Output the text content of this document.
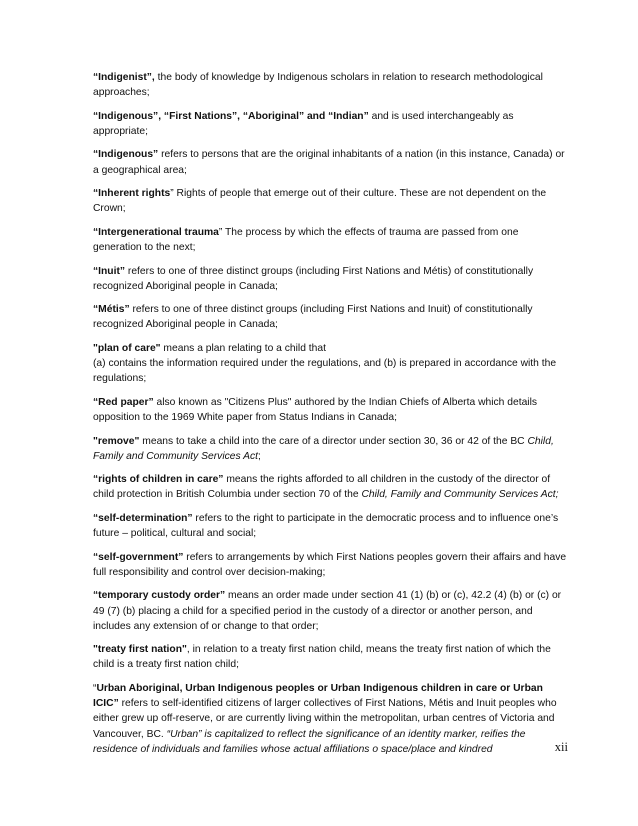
“Indigenist”, the body of knowledge by Indigenous scholars in relation to research methodological approaches;

“Indigenous”, “First Nations”, “Aboriginal” and “Indian” and is used interchangeably as appropriate;

“Indigenous” refers to persons that are the original inhabitants of a nation (in this instance, Canada) or a geographical area;

“Inherent rights” Rights of people that emerge out of their culture. These are not dependent on the Crown;

“Intergenerational trauma” The process by which the effects of trauma are passed from one generation to the next;

“Inuit” refers to one of three distinct groups (including First Nations and Métis) of constitutionally recognized Aboriginal people in Canada;

“Métis” refers to one of three distinct groups (including First Nations and Inuit) of constitutionally recognized Aboriginal people in Canada;

"plan of care" means a plan relating to a child that
(a) contains the information required under the regulations, and (b) is prepared in accordance with the regulations;

“Red paper” also known as "Citizens Plus" authored by the Indian Chiefs of Alberta which details opposition to the 1969 White paper from Status Indians in Canada;

"remove" means to take a child into the care of a director under section 30, 36 or 42 of the BC Child, Family and Community Services Act;

“rights of children in care” means the rights afforded to all children in the custody of the director of child protection in British Columbia under section 70 of the Child, Family and Community Services Act;

“self-determination” refers to the right to participate in the democratic process and to influence one’s future – political, cultural and social;

“self-government” refers to arrangements by which First Nations peoples govern their affairs and have full responsibility and control over decision-making;

“temporary custody order” means an order made under section 41 (1) (b) or (c), 42.2 (4) (b) or (c) or 49 (7) (b) placing a child for a specified period in the custody of a director or another person, and includes any extension of or change to that order;

"treaty first nation", in relation to a treaty first nation child, means the treaty first nation of which the child is a treaty first nation child;

“Urban Aboriginal, Urban Indigenous peoples or Urban Indigenous children in care or Urban ICIC” refers to self-identified citizens of larger collectives of First Nations, Métis and Inuit peoples who either grew up off-reserve, or are currently living within the metropolitan, urban centres of Victoria and Vancouver, BC. “Urban” is capitalized to reflect the significance of an identity marker, reifies the residence of individuals and families whose actual affiliations o space/place and kindred	xii
